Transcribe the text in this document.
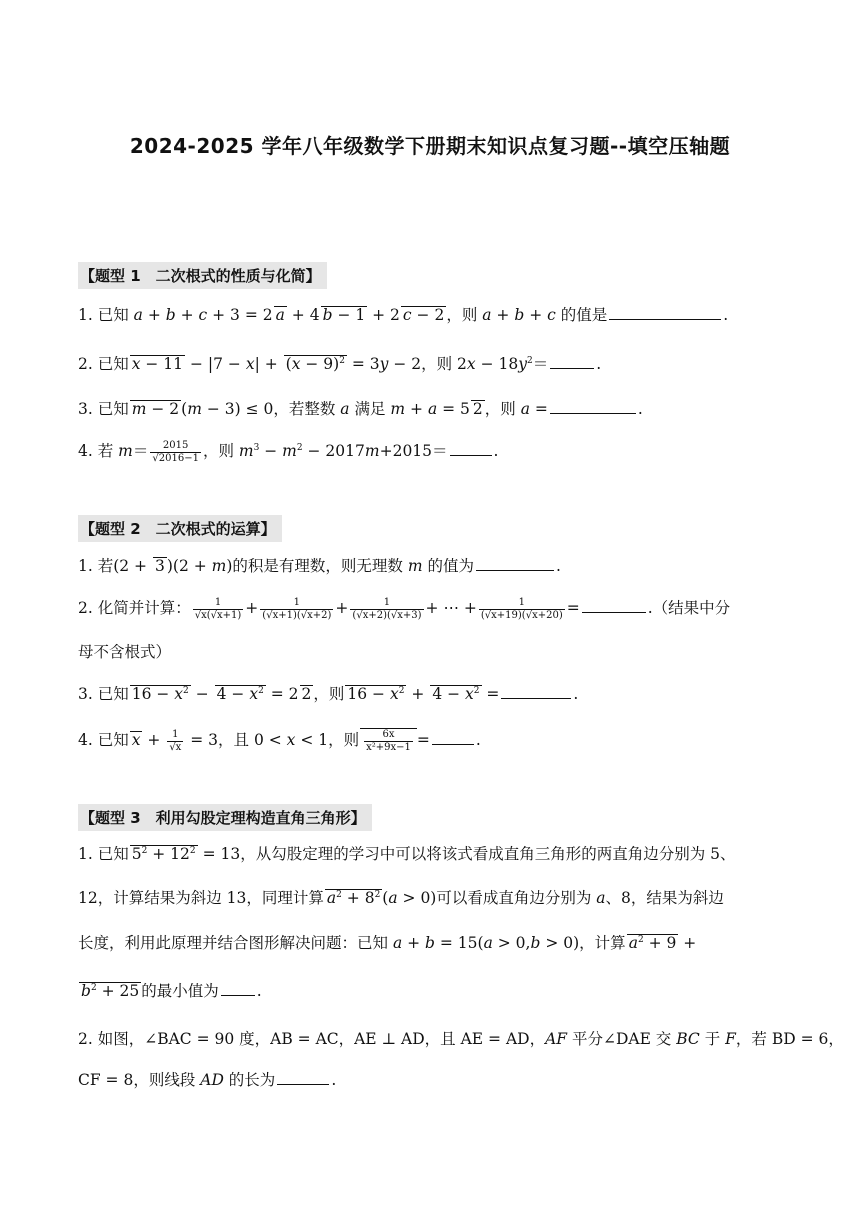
2024-2025 学年八年级数学下册期末知识点复习题--填空压轴题
【题型 1　二次根式的性质与化简】
1. 已知 a + b + c + 3 = 2 a + 4 b − 1 + 2 c − 2 ，则 a + b + c 的值是	.
2. 已知 $x - 11 - |7 - x| + (x - 9)^2 = 3y - 2$，则 $2x - 18y^2=$	.
3. 已知 m − 2 (m − 3) ≤ 0，若整数 a 满足 m + a = 5 2 ，则 a =	.
4. 若 $m= \frac{2015}{√2016-1}$ ，则 $m^3 - m^2 - 2017m+2015=$	.
【题型 2　二次根式的运算】
1. 若(2 + 3 )(2 + m)的积是有理数，则无理数 m 的值为	.
2. 化简并计算： $\frac{1}{√x(√x+1)} + \frac{1}{(√x+1)(√x+2)} + \frac{1}{(√x+2)(√x+3)}$ + ⋯ + $\frac{1}{(√x+19)(√x+20)}$ =	.（结果中分
母不含根式）
3. 已知 $16 - x^2 - 4 - x^2 = 2$ 2 ，则 $16 - x^2 + 4 - x^2$ =	.
4. 已知 $x + \frac{1}{√x} = 3$，且 0 < x < 1，则 $\frac{6x}{\text{x²+9x−1}}$ =	.
【题型 3　利用勾股定理构造直角三角形】
1. 已知 $5^2 + 12^2 = 13$，从勾股定理的学习中可以将该式看成直角三角形的两直角边分别为 5、
12，计算结果为斜边 13，同理计算 $a^2 + 8^2$ (a > 0)可以看成直角边分别为 a、8，结果为斜边
长度，利用此原理并结合图形解决问题：已知 a + b = 15(a > 0,b > 0)，计算 $a^2 + 9$ +
$b^2 + 25$ 的最小值为 .
2. 如图，∠BAC = 90 度，AB = AC，AE ⊥ AD，且 AE = AD，AF 平分∠DAE 交 BC 于 F，若 BD = 6，
CF = 8，则线段 AD 的长为	.
